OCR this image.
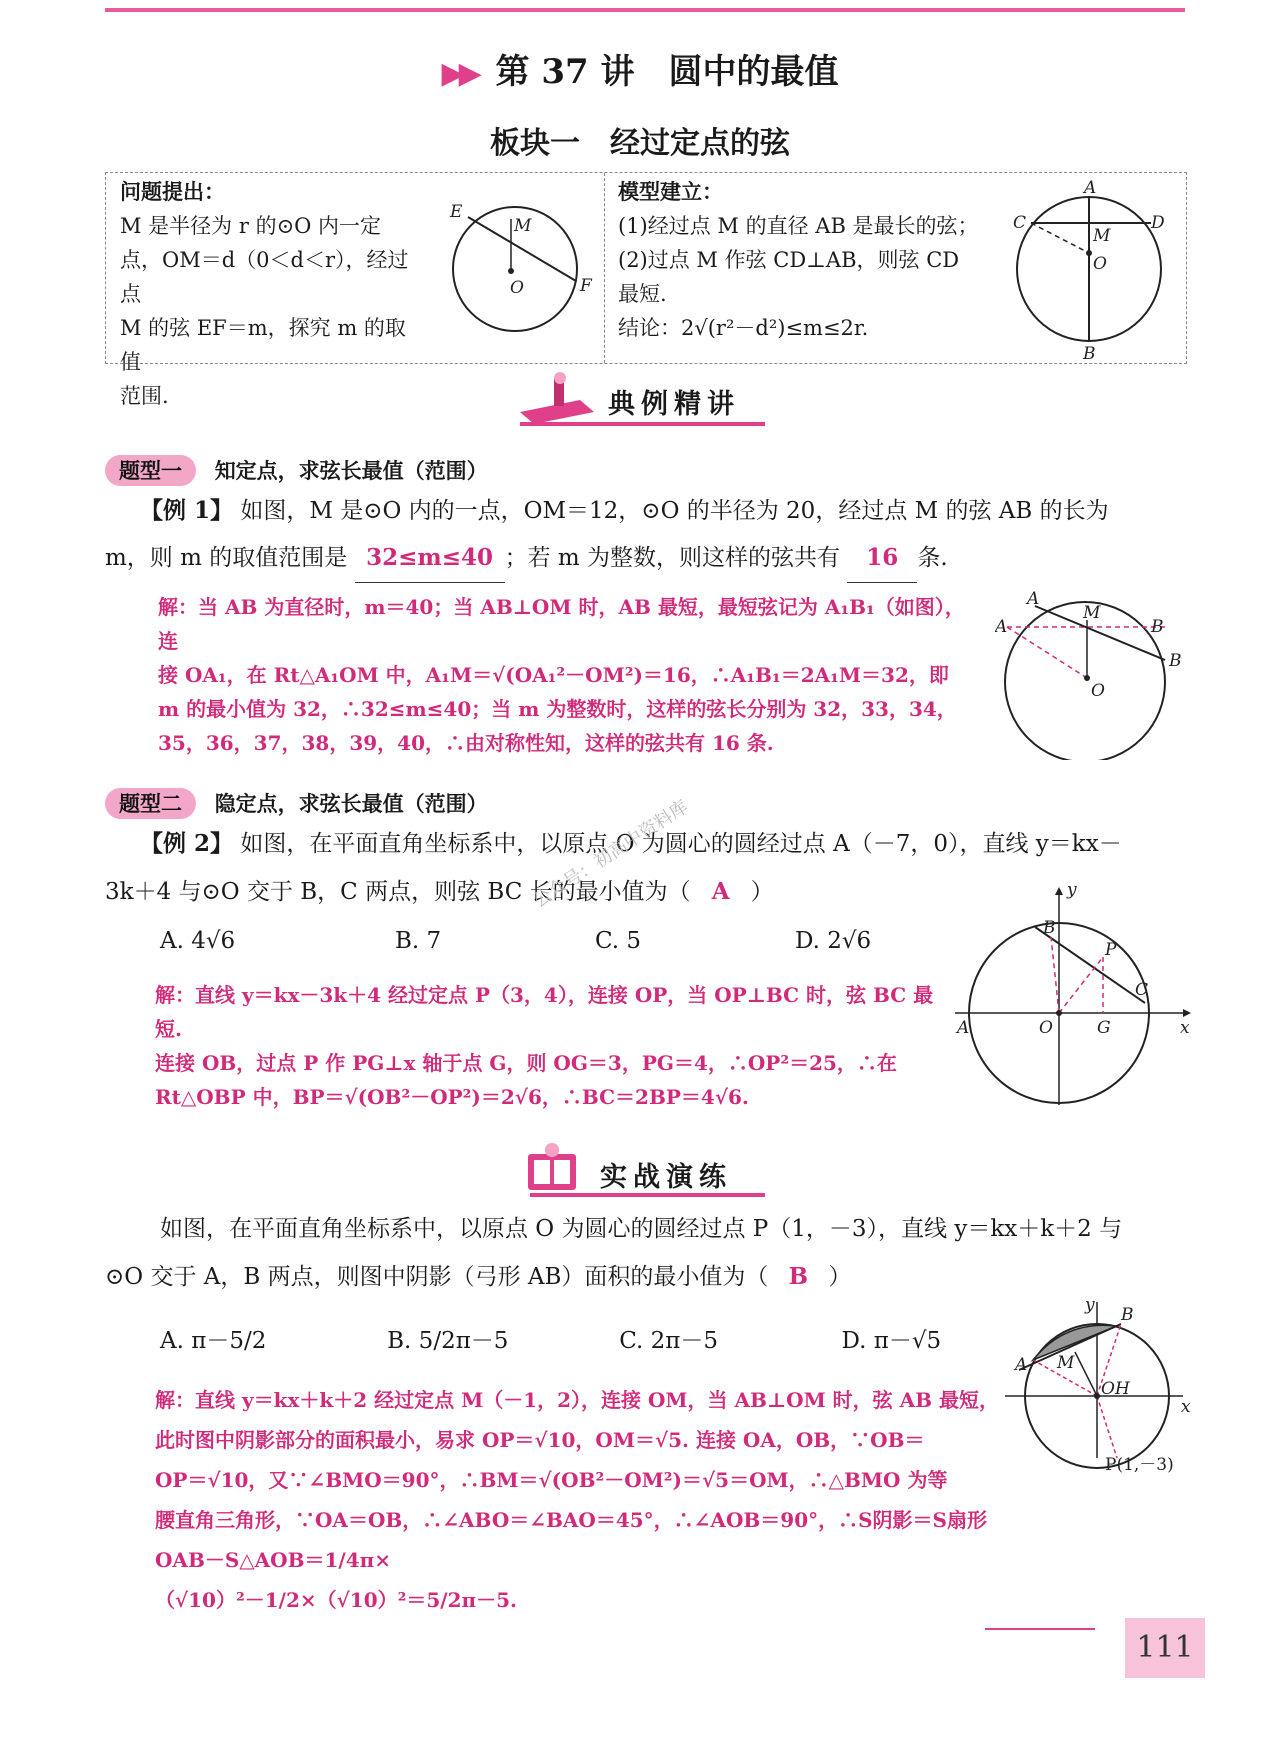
▶▶ 第 37 讲　圆中的最值
板块一　经过定点的弦
问题提出：
M 是半径为 r 的⊙O 内一定
点，OM＝d（0＜d＜r），经过点
M 的弦 EF＝m，探究 m 的取值
范围.
E
M
O	F
模型建立：
(1)经过点 M 的直径 AB 是最长的弦；
(2)过点 M 作弦 CD⊥AB，则弦 CD
最短.
结论：2√(r²－d²)≤m≤2r.
A
C	D
M
O
B
典例精讲
题型一 知定点，求弦长最值（范围）
【例 1】 如图，M 是⊙O 内的一点，OM＝12，⊙O 的半径为 20，经过点 M 的弦 AB 的长为
m，则 m 的取值范围是 32≤m≤40 ；若 m 为整数，则这样的弦共有 16 条.
解：当 AB 为直径时，m＝40；当 AB⊥OM 时，AB 最短，最短弦记为 A₁B₁（如图），连
接 OA₁，在 Rt△A₁OM 中，A₁M＝√(OA₁²－OM²)＝16，∴A₁B₁＝2A₁M＝32，即
m 的最小值为 32，∴32≤m≤40；当 m 为整数时，这样的弦长分别为 32，33，34，
35，36，37，38，39，40，∴由对称性知，这样的弦共有 16 条.
A
A
M
B
B
O
题型二 隐定点，求弦长最值（范围）
【例 2】 如图，在平面直角坐标系中，以原点 O 为圆心的圆经过点 A（－7，0），直线 y＝kx－
3k＋4 与⊙O 交于 B，C 两点，则弦 BC 长的最小值为（ A ）
A. 4√6	B. 7	C. 5	D. 2√6
解：直线 y＝kx－3k＋4 经过定点 P（3，4），连接 OP，当 OP⊥BC 时，弦 BC 最短.
连接 OB，过点 P 作 PG⊥x 轴于点 G，则 OG＝3，PG＝4，∴OP²＝25，∴在
Rt△OBP 中，BP＝√(OB²－OP²)＝2√6，∴BC＝2BP＝4√6.
y
B
P
C
A	O	G	x
公众号：初高中资料库
实战演练
如图，在平面直角坐标系中，以原点 O 为圆心的圆经过点 P（1，－3），直线 y＝kx＋k＋2 与
⊙O 交于 A，B 两点，则图中阴影（弓形 AB）面积的最小值为（ B ）
A. π－5/2	B. 5/2π－5	C. 2π－5	D. π－√5
解：直线 y＝kx＋k＋2 经过定点 M（－1，2），连接 OM，当 AB⊥OM 时，弦 AB 最短，
此时图中阴影部分的面积最小，易求 OP＝√10，OM＝√5. 连接 OA，OB，∵OB＝
OP＝√10，又∵∠BMO＝90°，∴BM＝√(OB²－OM²)＝√5＝OM，∴△BMO 为等
腰直角三角形，∵OA＝OB，∴∠ABO＝∠BAO＝45°，∴∠AOB＝90°，∴S阴影＝S扇形OAB－S△AOB＝1/4π×
（√10）²－1/2×（√10）²＝5/2π－5.
y B
A M
O H
x
P(1,－3)
111
